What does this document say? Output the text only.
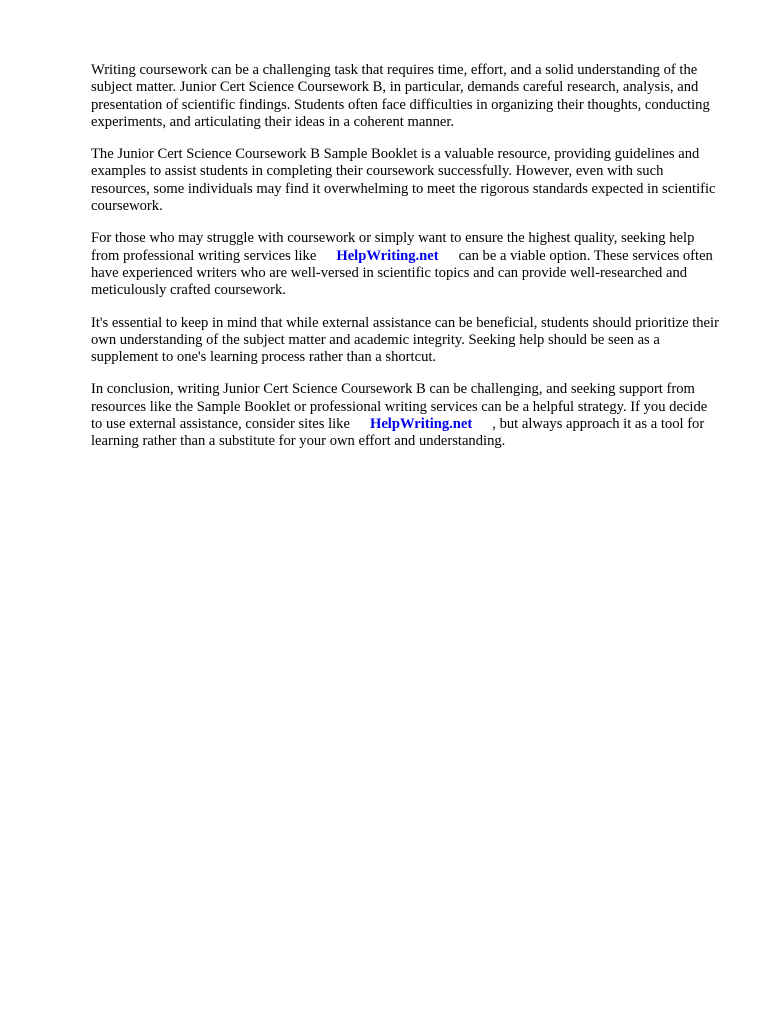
Writing coursework can be a challenging task that requires time, effort, and a solid understanding of the subject matter. Junior Cert Science Coursework B, in particular, demands careful research, analysis, and presentation of scientific findings. Students often face difficulties in organizing their thoughts, conducting experiments, and articulating their ideas in a coherent manner.

The Junior Cert Science Coursework B Sample Booklet is a valuable resource, providing guidelines and examples to assist students in completing their coursework successfully. However, even with such resources, some individuals may find it overwhelming to meet the rigorous standards expected in scientific coursework.

For those who may struggle with coursework or simply want to ensure the highest quality, seeking help from professional writing services like HelpWriting.net can be a viable option. These services often have experienced writers who are well-versed in scientific topics and can provide well-researched and meticulously crafted coursework.

It's essential to keep in mind that while external assistance can be beneficial, students should prioritize their own understanding of the subject matter and academic integrity. Seeking help should be seen as a supplement to one's learning process rather than a shortcut.

In conclusion, writing Junior Cert Science Coursework B can be challenging, and seeking support from resources like the Sample Booklet or professional writing services can be a helpful strategy. If you decide to use external assistance, consider sites like HelpWriting.net , but always approach it as a tool for learning rather than a substitute for your own effort and understanding.
